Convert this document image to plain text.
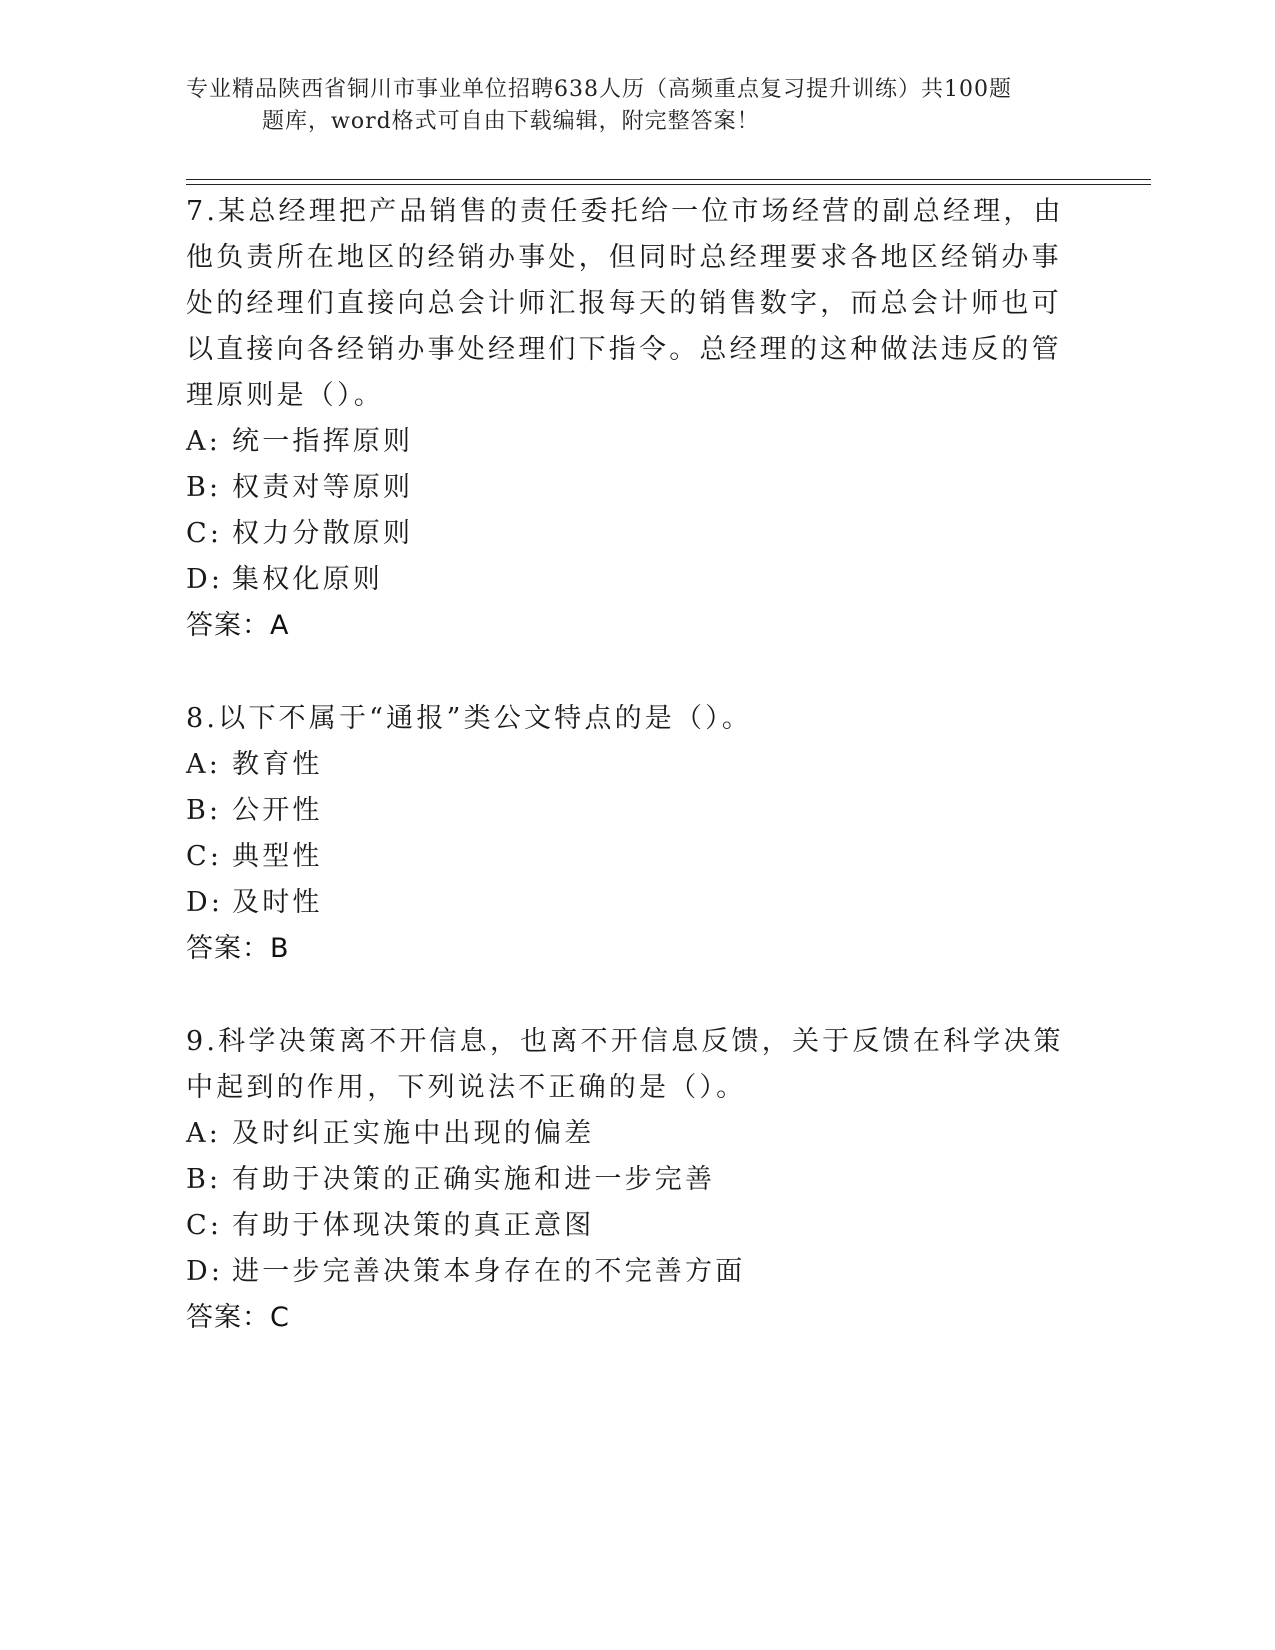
专业精品陕西省铜川市事业单位招聘638人历（高频重点复习提升训练）共100题
题库，word格式可自由下载编辑，附完整答案！
7.某总经理把产品销售的责任委托给一位市场经营的副总经理，由他负责所在地区的经销办事处，但同时总经理要求各地区经销办事处的经理们直接向总会计师汇报每天的销售数字，而总会计师也可以直接向各经销办事处经理们下指令。总经理的这种做法违反的管理原则是（）。
A: 统一指挥原则
B: 权责对等原则
C: 权力分散原则
D: 集权化原则
答案：A
8.以下不属于“通报”类公文特点的是（）。
A: 教育性
B: 公开性
C: 典型性
D: 及时性
答案：B
9.科学决策离不开信息，也离不开信息反馈，关于反馈在科学决策中起到的作用，下列说法不正确的是（）。
A: 及时纠正实施中出现的偏差
B: 有助于决策的正确实施和进一步完善
C: 有助于体现决策的真正意图
D: 进一步完善决策本身存在的不完善方面
答案：C
